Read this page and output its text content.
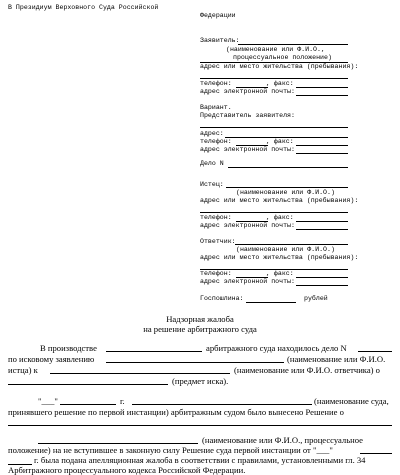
В Президиум Верховного Суда Российской
Федерации
Заявитель:
(наименование или Ф.И.О.,
процессуальное положение)
адрес или место жительства (пребывания):
телефон:	, факс:
адрес электронной почты:
Вариант.
Представитель заявителя:
адрес:
телефон:	, факс:
адрес электронной почты:
Дело N
Истец:
(наименование или Ф.И.О.)
адрес или место жительства (пребывания):
телефон:	, факс:
адрес электронной почты:
Ответчик:
(наименование или Ф.И.О.)
адрес или место жительства (пребывания):
телефон:	, факс:
адрес электронной почты:
Госпошлина:	рублей
Надзорная жалоба
на решение арбитражного суда
В производстве	арбитражного суда находилось дело N
по исковому заявлению	(наименование или Ф.И.О.
истца) к	(наименование или Ф.И.О. ответчика) о
(предмет иска).
"___"	г.	(наименование суда,
принявшего решение по первой инстанции) арбитражным судом было вынесено Решение о
(наименование или Ф.И.О., процессуальное
положение) на не вступившее в законную силу Решение суда первой инстанции от "___"
г. была подана апелляционная жалоба в соответствии с правилами, установленными гл. 34
Арбитражного процессуального кодекса Российской Федерации.
